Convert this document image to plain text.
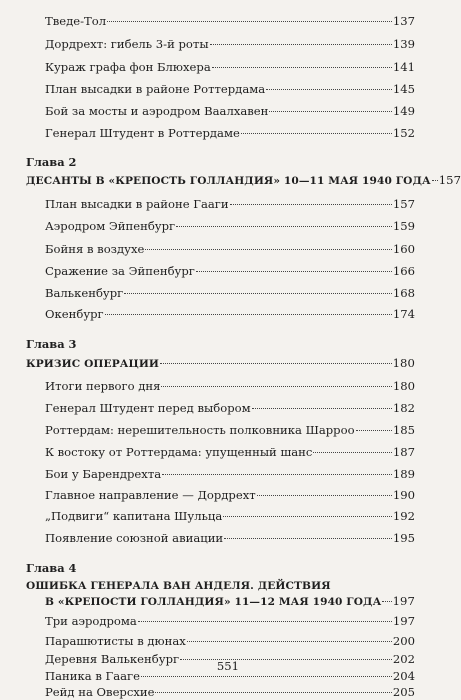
Тведе-Тол	137
Дордрехт: гибель 3-й роты	139
Кураж графа фон Блюхера	141
План высадки в районе Роттердама	145
Бой за мосты и аэродром Ваалхавен	149
Генерал Штудент в Роттердаме	152
Глава 2
ДЕСАНТЫ В «КРЕПОСТЬ ГОЛЛАНДИЯ» 10—11 МАЯ 1940 ГОДА 157
План высадки в районе Гааги	157
Аэродром Эйпенбург	159
Бойня в воздухе	160
Сражение за Эйпенбург	166
Валькенбург	168
Окенбург	174
Глава 3
КРИЗИС ОПЕРАЦИИ	180
Итоги первого дня	180
Генерал Штудент перед выбором	182
Роттердам: нерешительность полковника Шарроо	185
К востоку от Роттердама: упущенный шанс	187
Бои у Барендрехта	189
Главное направление — Дордрехт	190
„Подвиги“ капитана Шульца	192
Появление союзной авиации	195
Глава 4
ОШИБКА ГЕНЕРАЛА ВАН АНДЕЛЯ. ДЕЙСТВИЯ
В «КРЕПОСТИ ГОЛЛАНДИЯ» 11—12 МАЯ 1940 ГОДА 197
Три аэродрома	197
Парашютисты в дюнах	200
Деревня Валькенбург	202
Паника в Гааге	204
Рейд на Оверсхие	205
551
